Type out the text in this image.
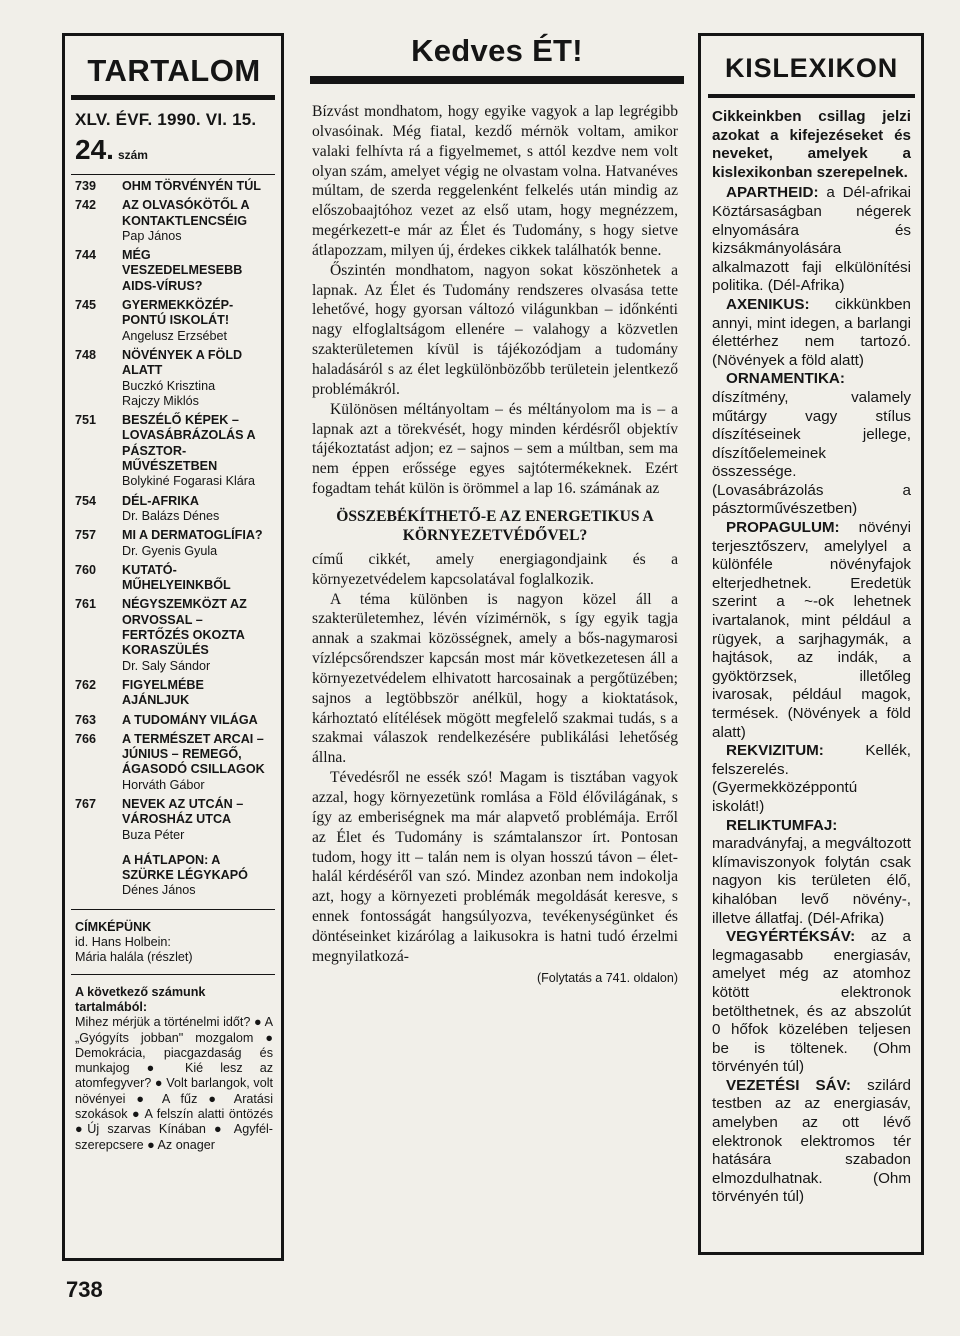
TARTALOM
XLV. ÉVF. 1990. VI. 15.
24. szám
739	OHM TÖRVÉNYÉN TÚL
742	AZ OLVASÓKÖTŐL A KONTAKTLENCSÉIG
Pap János
744	MÉG VESZEDELMESEBB AIDS-VÍRUS?
745	GYERMEKKÖZÉP-PONTÚ ISKOLÁT!
Angelusz Erzsébet
748	NÖVÉNYEK A FÖLD ALATT
Buczkó Krisztina
Rajczy Miklós
751	BESZÉLŐ KÉPEK – LOVASÁBRÁZOLÁS A PÁSZTOR-MŰVÉSZETBEN
Bolykiné Fogarasi Klára
754	DÉL-AFRIKA
Dr. Balázs Dénes
757	MI A DERMATOGLÍFIA?
Dr. Gyenis Gyula
760	KUTATÓ-MŰHELYEINKBŐL
761	NÉGYSZEMKÖZT AZ ORVOSSAL – FERTŐZÉS OKOZTA KORASZÜLÉS
Dr. Saly Sándor
762	FIGYELMÉBE AJÁNLJUK
763	A TUDOMÁNY VILÁGA
766	A TERMÉSZET ARCAI – JÚNIUS – REMEGŐ, ÁGASODÓ CSILLAGOK
Horváth Gábor
767	NEVEK AZ UTCÁN – VÁROSHÁZ UTCA
Buza Péter
A HÁTLAPON: A SZÜRKE LÉGYKAPÓ
Dénes János
CÍMKÉPÜNK
id. Hans Holbein:
Mária halála (részlet)
A következő számunk tartalmából:
Mihez mérjük a történelmi időt? ● A „Gyógyíts jobban" mozgalom ● Demokrácia, piacgazdaság és munkajog ● Kié lesz az atomfegyver? ● Volt barlangok, volt növényei ● A fűz ● Aratási szokások ● A felszín alatti öntözés ●Új szarvas Kínában ● Agyfél-szerepcsere ● Az onager
738
Kedves ÉT!

Bízvást mondhatom, hogy egyike vagyok a lap legrégibb olvasóinak. Még fiatal, kezdő mérnök voltam, amikor valaki felhívta rá a figyelmemet, s attól kezdve nem volt olyan szám, amelyet végig ne olvastam volna. Hatvanéves múltam, de szerda reggelenként felkelés után mindig az előszobaajtóhoz vezet az első utam, hogy megnézzem, megérkezett-e már az Élet és Tudomány, s hogy sietve átlapozzam, milyen új, érdekes cikkek találhatók benne.

Őszintén mondhatom, nagyon sokat köszönhetek a lapnak. Az Élet és Tudomány rendszeres olvasása tette lehetővé, hogy gyorsan változó világunkban – időnkénti nagy elfoglaltságom ellenére – valahogy a közvetlen szakterületemen kívül is tájékozódjam a tudomány haladásáról s az élet legkülönbözőbb területein jelentkező problémákról.

Különösen méltányoltam – és méltányolom ma is – a lapnak azt a törekvését, hogy minden kérdésről objektív tájékoztatást adjon; ez – sajnos – sem a múltban, sem ma nem éppen erőssége egyes sajtótermékeknek. Ezért fogadtam tehát külön is örömmel a lap 16. számának az

ÖSSZEBÉKÍTHETŐ-E AZ ENERGETIKUS A KÖRNYEZETVÉDŐVEL?

című cikkét, amely energiagondjaink és a környezetvédelem kapcsolatával foglalkozik.

A téma különben is nagyon közel áll a szakterületemhez, lévén vízimérnök, s így egyik tagja annak a szakmai közösségnek, amely a bős-nagymarosi vízlépcsőrendszer kapcsán most már következetesen áll a környezetvédelem elhivatott harcosainak a pergőtüzében; sajnos a legtöbbször anélkül, hogy a kioktatások, kárhoztató elítélések mögött megfelelő szakmai tudás, s a szakmai válaszok rendelkezésére publikálási lehetőség állna.

Tévedésről ne essék szó! Magam is tisztában vagyok azzal, hogy környezetünk romlása a Föld élővilágának, s így az emberiségnek ma már alapvető problémája. Erről az Élet és Tudomány is számtalanszor írt. Pontosan tudom, hogy itt – talán nem is olyan hosszú távon – élet-halál kérdéséről van szó. Mindez azonban nem indokolja azt, hogy a környezeti problémák megoldását keresve, s ennek fontosságát hangsúlyozva, tevékenységünket és döntéseinket kizárólag a laikusokra is hatni tudó érzelmi megnyilatkozá-

(Folytatás a 741. oldalon)
KISLEXIKON
Cikkeinkben csillag jelzi azokat a kifejezéseket és neveket, amelyek a kislexikonban szerepelnek.

APARTHEID: a Dél-afrikai Köztársaságban négerek elnyomására és kizsákmányolására alkalmazott faji elkülönítési politika. (Dél-Afrika)

AXENIKUS: cikkünkben annyi, mint idegen, a barlangi élettérhez nem tartozó. (Növények a föld alatt)

ORNAMENTIKA: díszítmény, valamely műtárgy vagy stílus díszítéseinek jellege, díszítőelemeinek összessége. (Lovasábrázolás a pásztorművészetben)

PROPAGULUM: növényi terjesztőszerv, amelylyel a különféle növényfajok elterjedhetnek. Eredetük szerint a ~-ok lehetnek ivartalanok, mint például a rügyek, a sarjhagymák, a hajtások, az indák, a gyöktörzsek, illetőleg ivarosak, például magok, termések. (Növények a föld alatt)

REKVIZITUM:	Kellék, felszerelés. (Gyermekközéppontú iskolát!)

RELIKTUMFAJ: maradványfaj, a megváltozott klímaviszonyok folytán csak nagyon kis területen élő, kihalóban levő növény-, illetve állatfaj. (Dél-Afrika)

VEGYÉRTÉKSÁV: az a legmagasabb energiasáv, amelyet még az atomhoz kötött elektronok betölthetnek, és az abszolút 0 hőfok közelében teljesen be is töltenek. (Ohm törvényén túl)

VEZETÉSI SÁV: szilárd testben az az energiasáv, amelyben az ott lévő elektronok elektromos tér hatására szabadon elmozdulhatnak. (Ohm törvényén túl)
